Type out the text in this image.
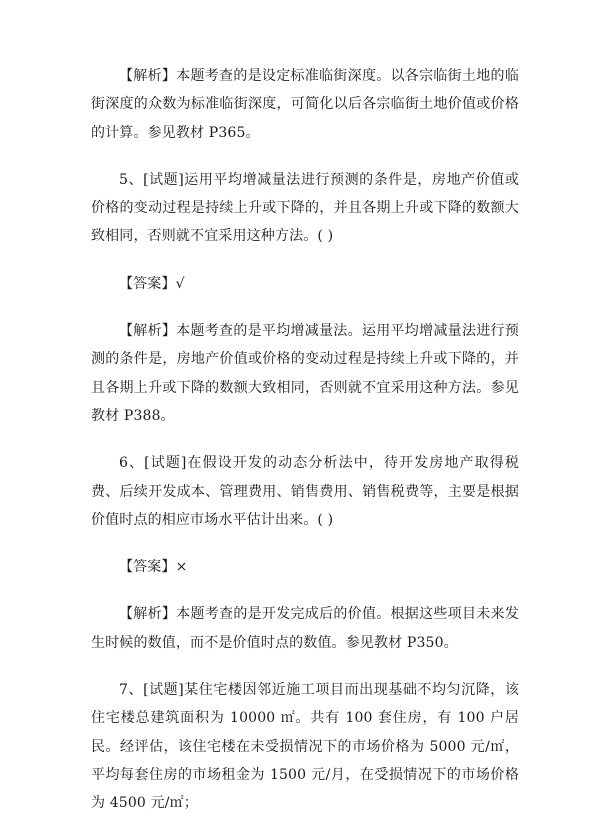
【解析】本题考查的是设定标准临街深度。以各宗临街土地的临街深度的众数为标准临街深度，可简化以后各宗临街土地价值或价格的计算。参见教材 P365。

5、[试题]运用平均增减量法进行预测的条件是，房地产价值或价格的变动过程是持续上升或下降的，并且各期上升或下降的数额大致相同，否则就不宜采用这种方法。( )

【答案】√

【解析】本题考查的是平均增减量法。运用平均增减量法进行预测的条件是，房地产价值或价格的变动过程是持续上升或下降的，并且各期上升或下降的数额大致相同，否则就不宜采用这种方法。参见教材 P388。

6、[试题]在假设开发的动态分析法中，待开发房地产取得税费、后续开发成本、管理费用、销售费用、销售税费等，主要是根据价值时点的相应市场水平估计出来。( )

【答案】×

【解析】本题考查的是开发完成后的价值。根据这些项目未来发生时候的数值，而不是价值时点的数值。参见教材 P350。

7、[试题]某住宅楼因邻近施工项目而出现基础不均匀沉降，该住宅楼总建筑面积为 10000 ㎡。共有 100 套住房，有 100 户居民。经评估，该住宅楼在未受损情况下的市场价格为 5000 元/㎡，平均每套住房的市场租金为 1500 元/月，在受损情况下的市场价格为 4500 元/㎡；
